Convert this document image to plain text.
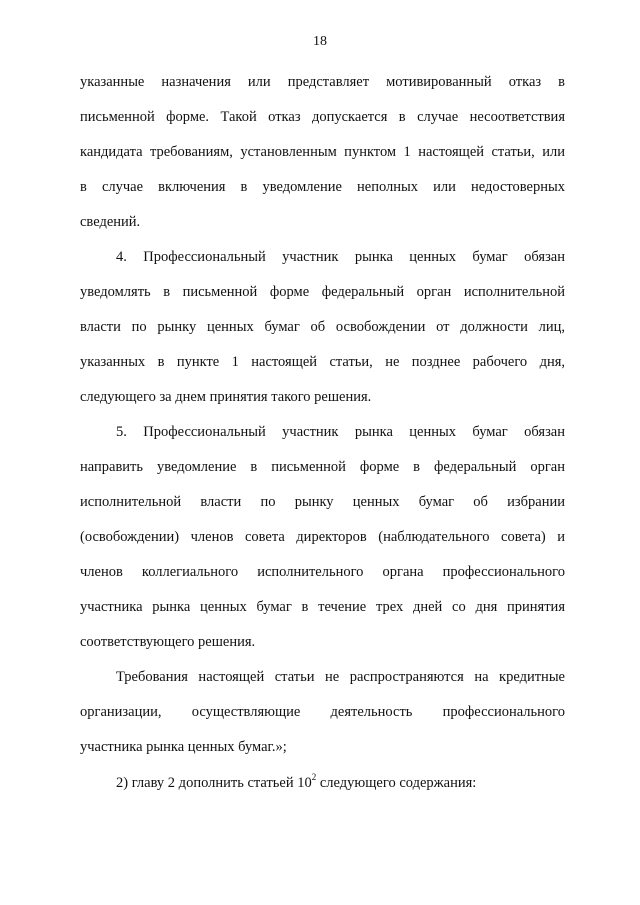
18
указанные назначения или представляет мотивированный отказ в
письменной форме. Такой отказ допускается в случае несоответствия
кандидата требованиям, установленным пунктом 1 настоящей статьи, или
в случае включения в уведомление неполных или недостоверных
сведений.
4. Профессиональный участник рынка ценных бумаг обязан
уведомлять в письменной форме федеральный орган исполнительной
власти по рынку ценных бумаг об освобождении от должности лиц,
указанных в пункте 1 настоящей статьи, не позднее рабочего дня,
следующего за днем принятия такого решения.
5. Профессиональный участник рынка ценных бумаг обязан
направить уведомление в письменной форме в федеральный орган
исполнительной власти по рынку ценных бумаг об избрании
(освобождении) членов совета директоров (наблюдательного совета) и
членов коллегиального исполнительного органа профессионального
участника рынка ценных бумаг в течение трех дней со дня принятия
соответствующего решения.
Требования настоящей статьи не распространяются на кредитные
организации, осуществляющие деятельность профессионального
участника рынка ценных бумаг.»;
2) главу 2 дополнить статьей $10^2$ следующего содержания:
